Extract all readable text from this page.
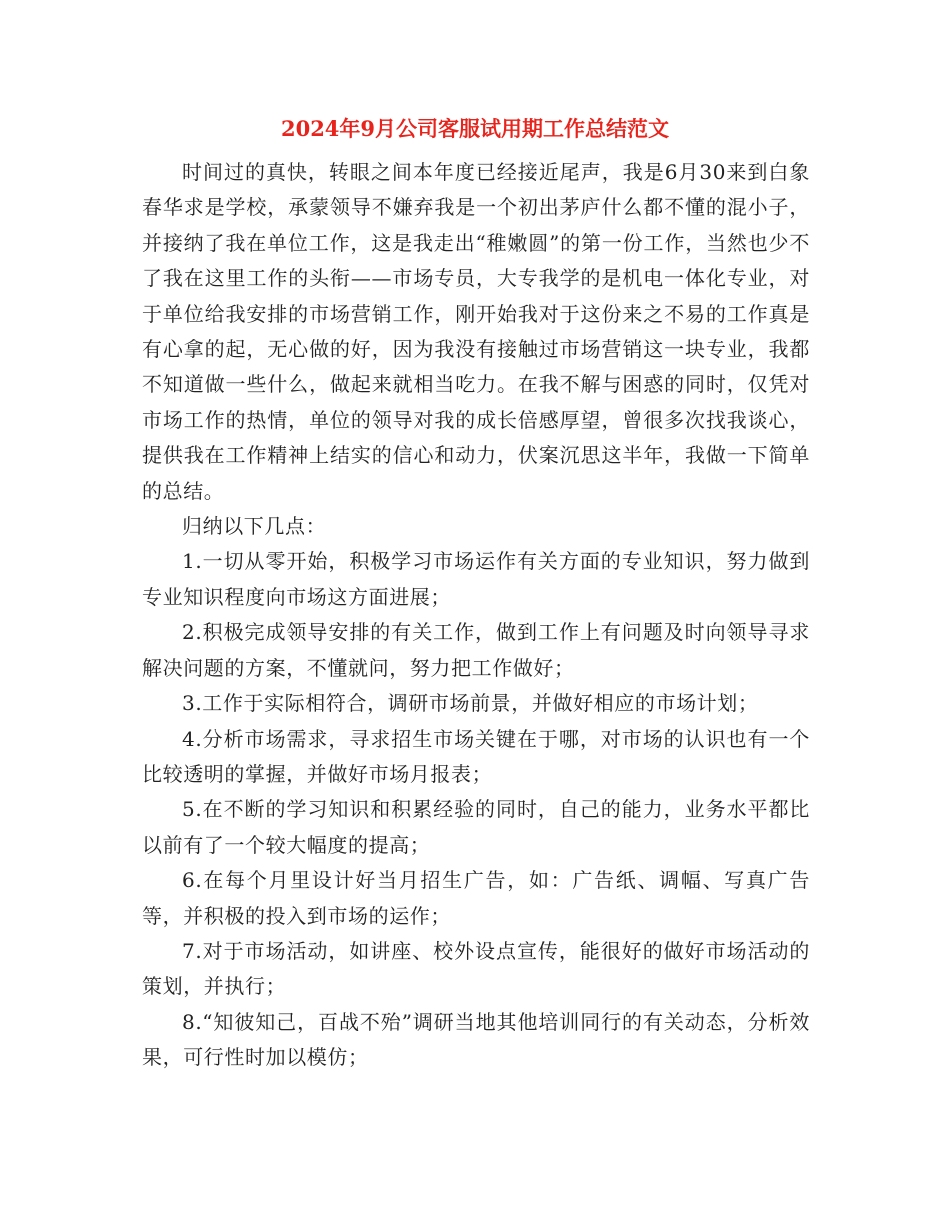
2024年9月公司客服试用期工作总结范文

时间过的真快，转眼之间本年度已经接近尾声，我是6月30来到白象春华求是学校，承蒙领导不嫌弃我是一个初出茅庐什么都不懂的混小子，并接纳了我在单位工作，这是我走出“稚嫩圆”的第一份工作，当然也少不了我在这里工作的头衔——市场专员，大专我学的是机电一体化专业，对于单位给我安排的市场营销工作，刚开始我对于这份来之不易的工作真是有心拿的起，无心做的好，因为我没有接触过市场营销这一块专业，我都不知道做一些什么，做起来就相当吃力。在我不解与困惑的同时，仅凭对市场工作的热情，单位的领导对我的成长倍感厚望，曾很多次找我谈心，提供我在工作精神上结实的信心和动力，伏案沉思这半年，我做一下简单的总结。

归纳以下几点：

1.一切从零开始，积极学习市场运作有关方面的专业知识，努力做到专业知识程度向市场这方面进展；

2.积极完成领导安排的有关工作，做到工作上有问题及时向领导寻求解决问题的方案，不懂就问，努力把工作做好；

3.工作于实际相符合，调研市场前景，并做好相应的市场计划；

4.分析市场需求，寻求招生市场关键在于哪，对市场的认识也有一个比较透明的掌握，并做好市场月报表；

5.在不断的学习知识和积累经验的同时，自己的能力，业务水平都比以前有了一个较大幅度的提高；

6.在每个月里设计好当月招生广告，如：广告纸、调幅、写真广告等，并积极的投入到市场的运作；

7.对于市场活动，如讲座、校外设点宣传，能很好的做好市场活动的策划，并执行；

8.“知彼知己，百战不殆”调研当地其他培训同行的有关动态，分析效果，可行性时加以模仿；
